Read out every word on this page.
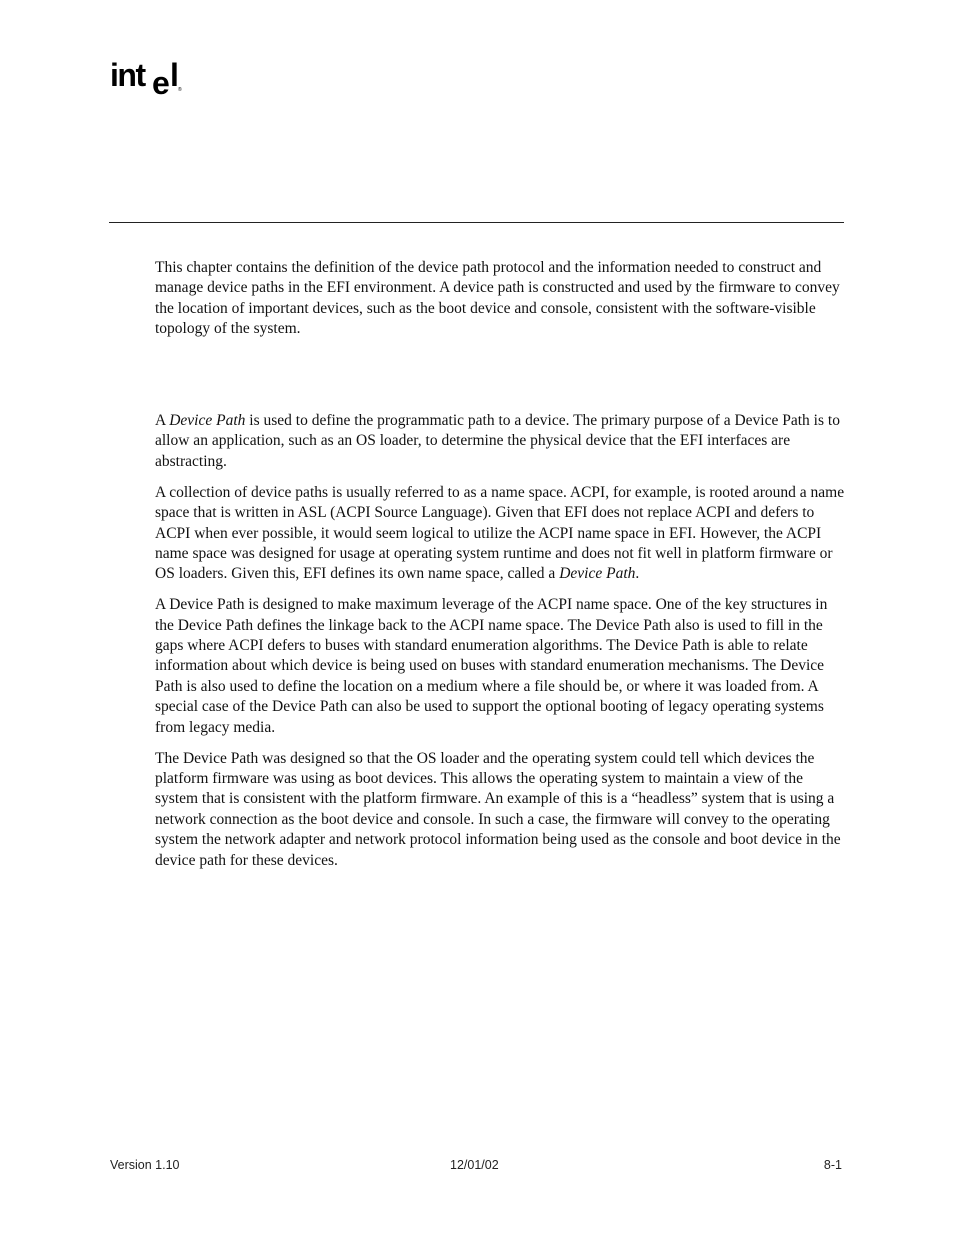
int e l ®

This chapter contains the definition of the device path protocol and the information needed to construct and manage device paths in the EFI environment. A device path is constructed and used by the firmware to convey the location of important devices, such as the boot device and console, consistent with the software-visible topology of the system.

A Device Path is used to define the programmatic path to a device. The primary purpose of a Device Path is to allow an application, such as an OS loader, to determine the physical device that the EFI interfaces are abstracting.

A collection of device paths is usually referred to as a name space. ACPI, for example, is rooted around a name space that is written in ASL (ACPI Source Language). Given that EFI does not replace ACPI and defers to ACPI when ever possible, it would seem logical to utilize the ACPI name space in EFI. However, the ACPI name space was designed for usage at operating system runtime and does not fit well in platform firmware or OS loaders. Given this, EFI defines its own name space, called a Device Path.

A Device Path is designed to make maximum leverage of the ACPI name space. One of the key structures in the Device Path defines the linkage back to the ACPI name space. The Device Path also is used to fill in the gaps where ACPI defers to buses with standard enumeration algorithms. The Device Path is able to relate information about which device is being used on buses with standard enumeration mechanisms. The Device Path is also used to define the location on a medium where a file should be, or where it was loaded from. A special case of the Device Path can also be used to support the optional booting of legacy operating systems from legacy media.

The Device Path was designed so that the OS loader and the operating system could tell which devices the platform firmware was using as boot devices. This allows the operating system to maintain a view of the system that is consistent with the platform firmware. An example of this is a “headless” system that is using a network connection as the boot device and console. In such a case, the firmware will convey to the operating system the network adapter and network protocol information being used as the console and boot device in the device path for these devices.

Version 1.10	12/01/02	8-1
